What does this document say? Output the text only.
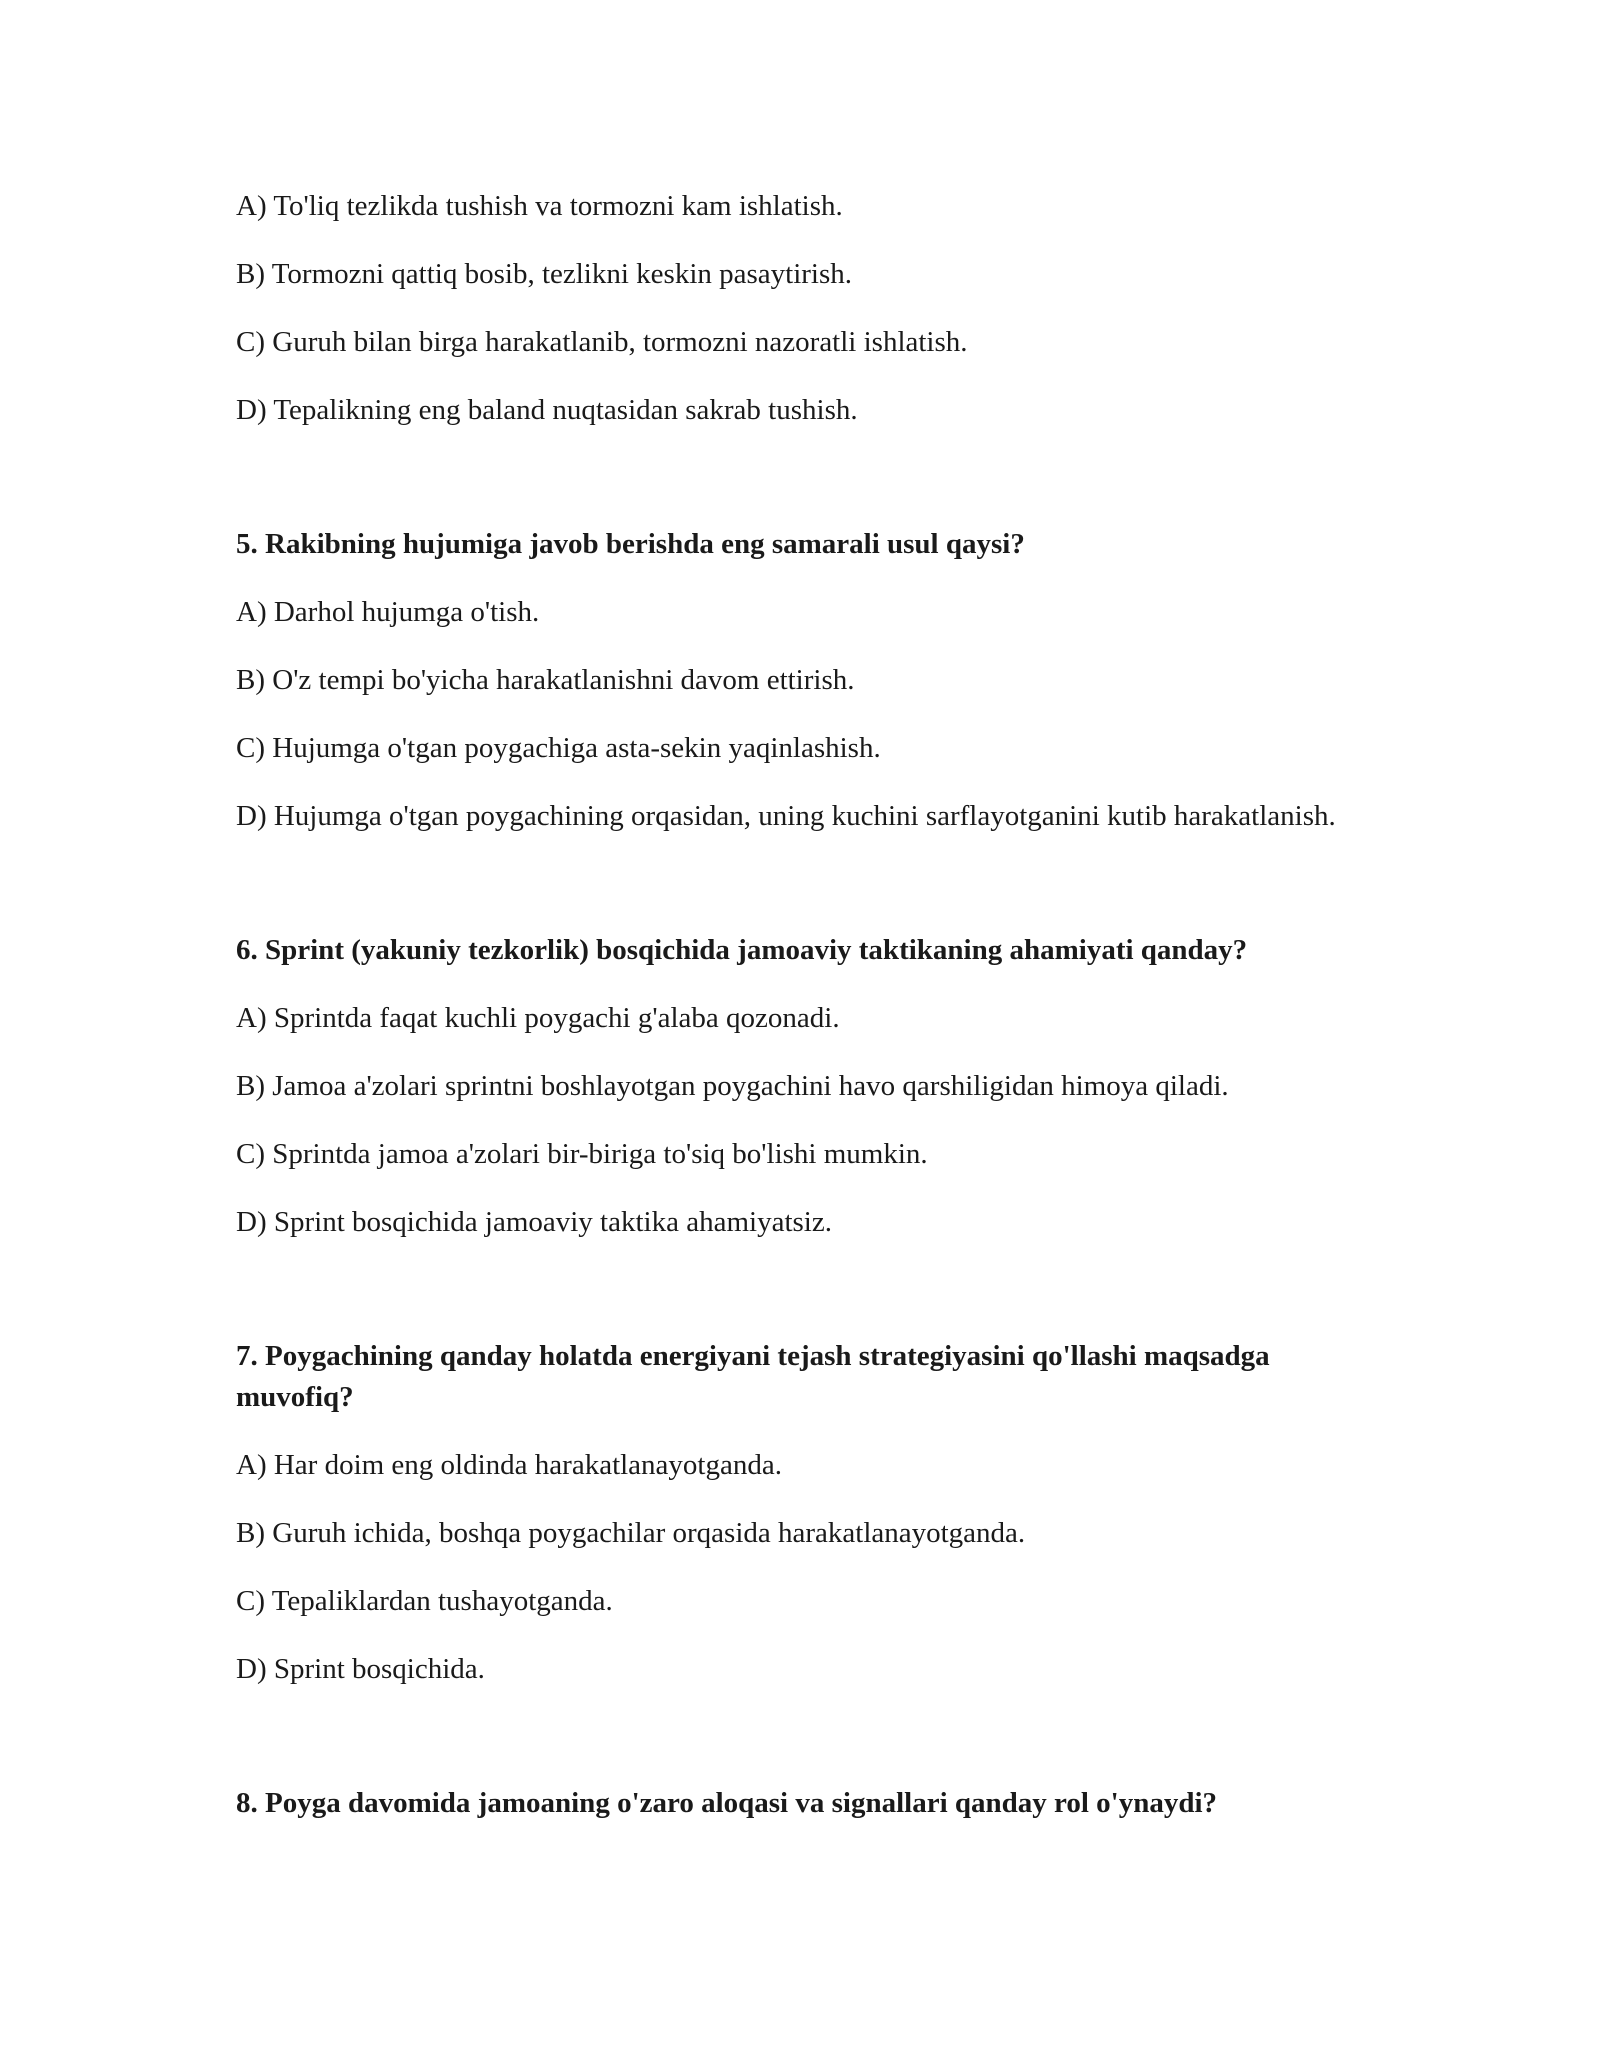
A) To'liq tezlikda tushish va tormozni kam ishlatish.

B) Tormozni qattiq bosib, tezlikni keskin pasaytirish.

C) Guruh bilan birga harakatlanib, tormozni nazoratli ishlatish.

D) Tepalikning eng baland nuqtasidan sakrab tushish.

5. Rakibning hujumiga javob berishda eng samarali usul qaysi?

A) Darhol hujumga o'tish.

B) O'z tempi bo'yicha harakatlanishni davom ettirish.

C) Hujumga o'tgan poygachiga asta-sekin yaqinlashish.

D) Hujumga o'tgan poygachining orqasidan, uning kuchini sarflayotganini kutib harakatlanish.

6. Sprint (yakuniy tezkorlik) bosqichida jamoaviy taktikaning ahamiyati qanday?

A) Sprintda faqat kuchli poygachi g'alaba qozonadi.

B) Jamoa a'zolari sprintni boshlayotgan poygachini havo qarshiligidan himoya qiladi.

C) Sprintda jamoa a'zolari bir-biriga to'siq bo'lishi mumkin.

D) Sprint bosqichida jamoaviy taktika ahamiyatsiz.

7. Poygachining qanday holatda energiyani tejash strategiyasini qo'llashi maqsadga muvofiq?

A) Har doim eng oldinda harakatlanayotganda.

B) Guruh ichida, boshqa poygachilar orqasida harakatlanayotganda.

C) Tepaliklardan tushayotganda.

D) Sprint bosqichida.

8. Poyga davomida jamoaning o'zaro aloqasi va signallari qanday rol o'ynaydi?
